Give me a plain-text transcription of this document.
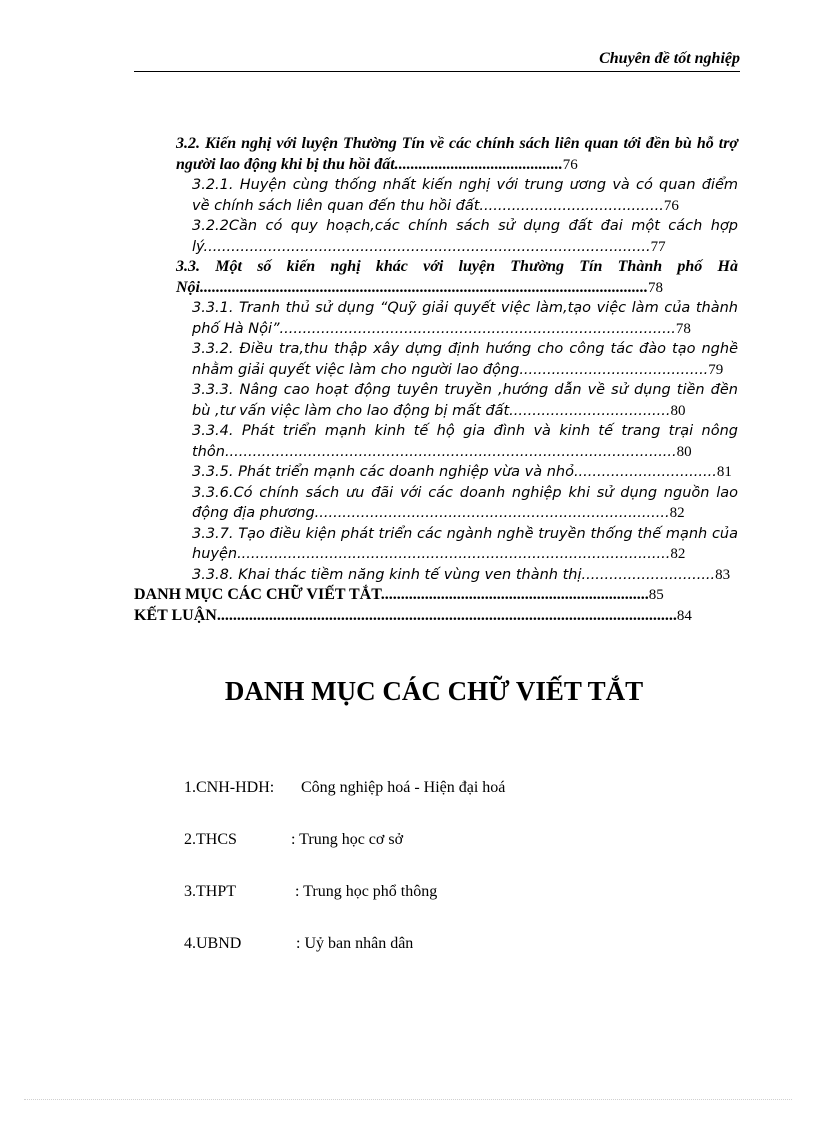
Chuyên đề tốt nghiệp
3.2. Kiến nghị với luyện Thường Tín về các chính sách liên quan tới đền bù hỗ trợ người lao động khi bị thu hồi đất..........................................76
3.2.1. Huyện cùng thống nhất kiến nghị với trung ương và có quan điểm về chính sách liên quan đến thu hồi đất........................................76
3.2.2Cần có quy hoạch,các chính sách sử dụng đất đai một cách hợp lý.................................................................................................77
3.3. Một số kiến nghị khác với luyện Thường Tín Thành phố Hà Nội................................................................................................................78
3.3.1. Tranh thủ sử dụng “Quỹ giải quyết việc làm,tạo việc làm của thành phố Hà Nội”......................................................................................78
3.3.2. Điều tra,thu thập xây dựng định hướng cho công tác đào tạo nghề nhằm giải quyết việc làm cho người lao động.........................................79
3.3.3. Nâng cao hoạt động tuyên truyền ,hướng dẫn về sử dụng tiền đền bù ,tư vấn việc làm cho lao động bị mất đất...................................80
3.3.4. Phát triển mạnh kinh tế hộ gia đình và kinh tế trang trại nông thôn..................................................................................................80
3.3.5. Phát triển mạnh các doanh nghiệp vừa và nhỏ...............................81
3.3.6.Có chính sách ưu đãi với các doanh nghiệp khi sử dụng nguồn lao động địa phương.............................................................................82
3.3.7. Tạo điều kiện phát triển các ngành nghề truyền thống thế mạnh của huyện..............................................................................................82
3.3.8. Khai thác tiềm năng kinh tế vùng ven thành thị.............................83
DANH MỤC CÁC CHỮ VIẾT TẮT...................................................................85
KẾT LUẬN...................................................................................................................84
DANH MỤC CÁC CHỮ VIẾT TẮT
1.CNH-HDH: Công nghiệp hoá - Hiện đại hoá
2.THCS	: Trung học cơ sở
3.THPT	: Trung học phổ thông
4.UBND	: Uỷ ban nhân dân
